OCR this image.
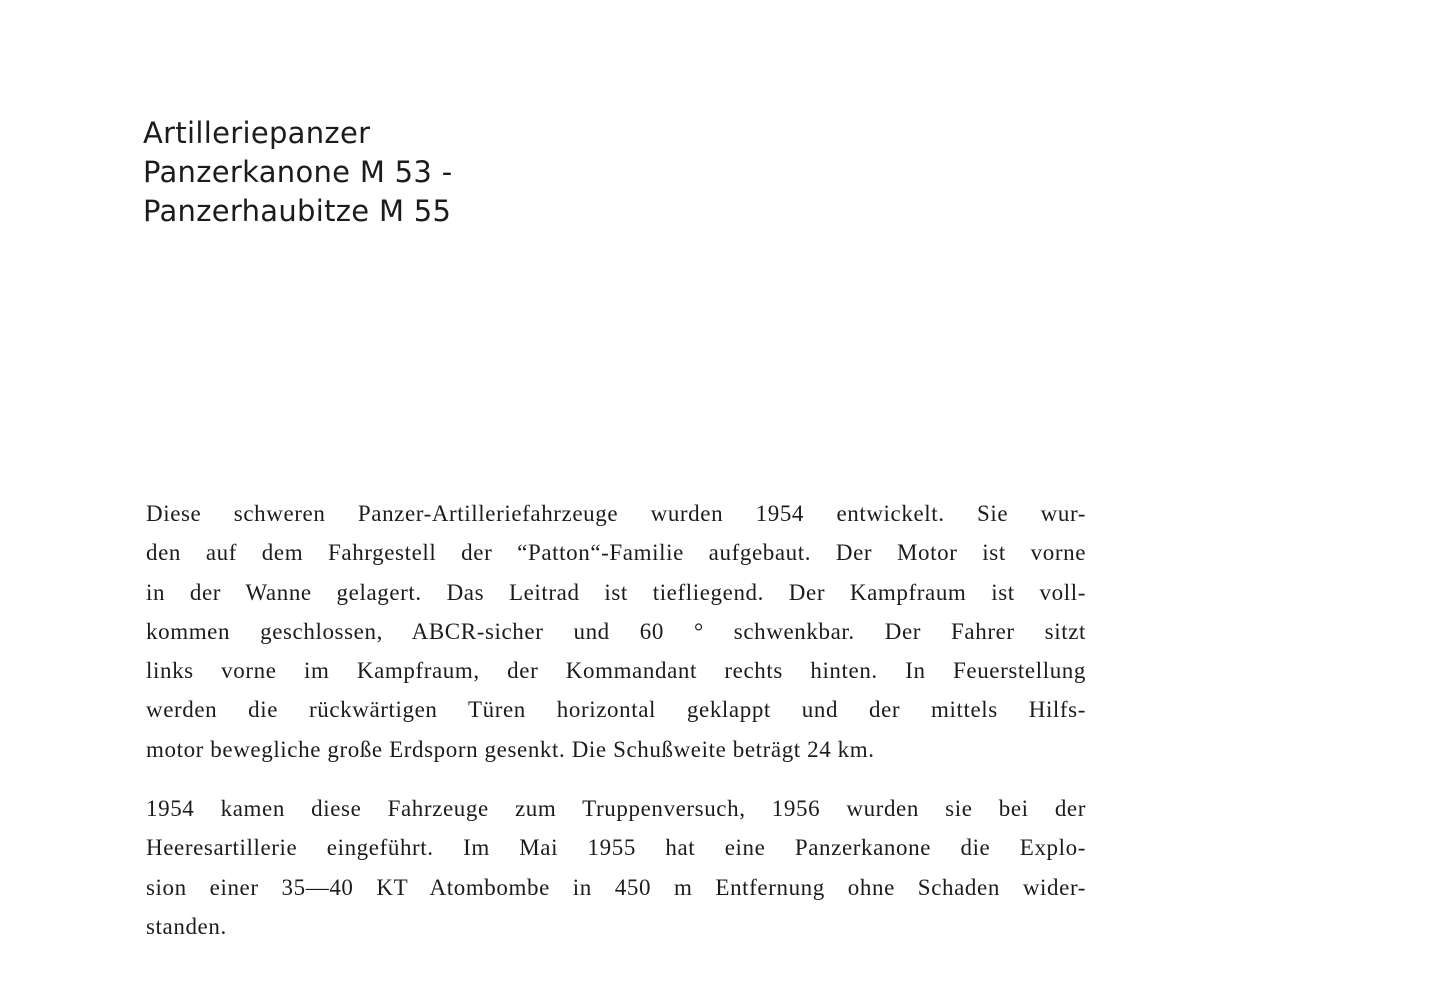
Artilleriepanzer
Panzerkanone M 53 -
Panzerhaubitze M 55
Diese schweren Panzer-Artilleriefahrzeuge wurden 1954 entwickelt. Sie wur-
den auf dem Fahrgestell der “Patton“-Familie aufgebaut. Der Motor ist vorne
in der Wanne gelagert. Das Leitrad ist tiefliegend. Der Kampfraum ist voll-
kommen geschlossen, ABCR-sicher und 60 ° schwenkbar. Der Fahrer sitzt
links vorne im Kampfraum, der Kommandant rechts hinten. In Feuerstellung
werden die rückwärtigen Türen horizontal geklappt und der mittels Hilfs-
motor bewegliche große Erdsporn gesenkt. Die Schußweite beträgt 24 km.
1954 kamen diese Fahrzeuge zum Truppenversuch, 1956 wurden sie bei der
Heeresartillerie eingeführt. Im Mai 1955 hat eine Panzerkanone die Explo-
sion einer 35—40 KT Atombombe in 450 m Entfernung ohne Schaden wider-
standen.
